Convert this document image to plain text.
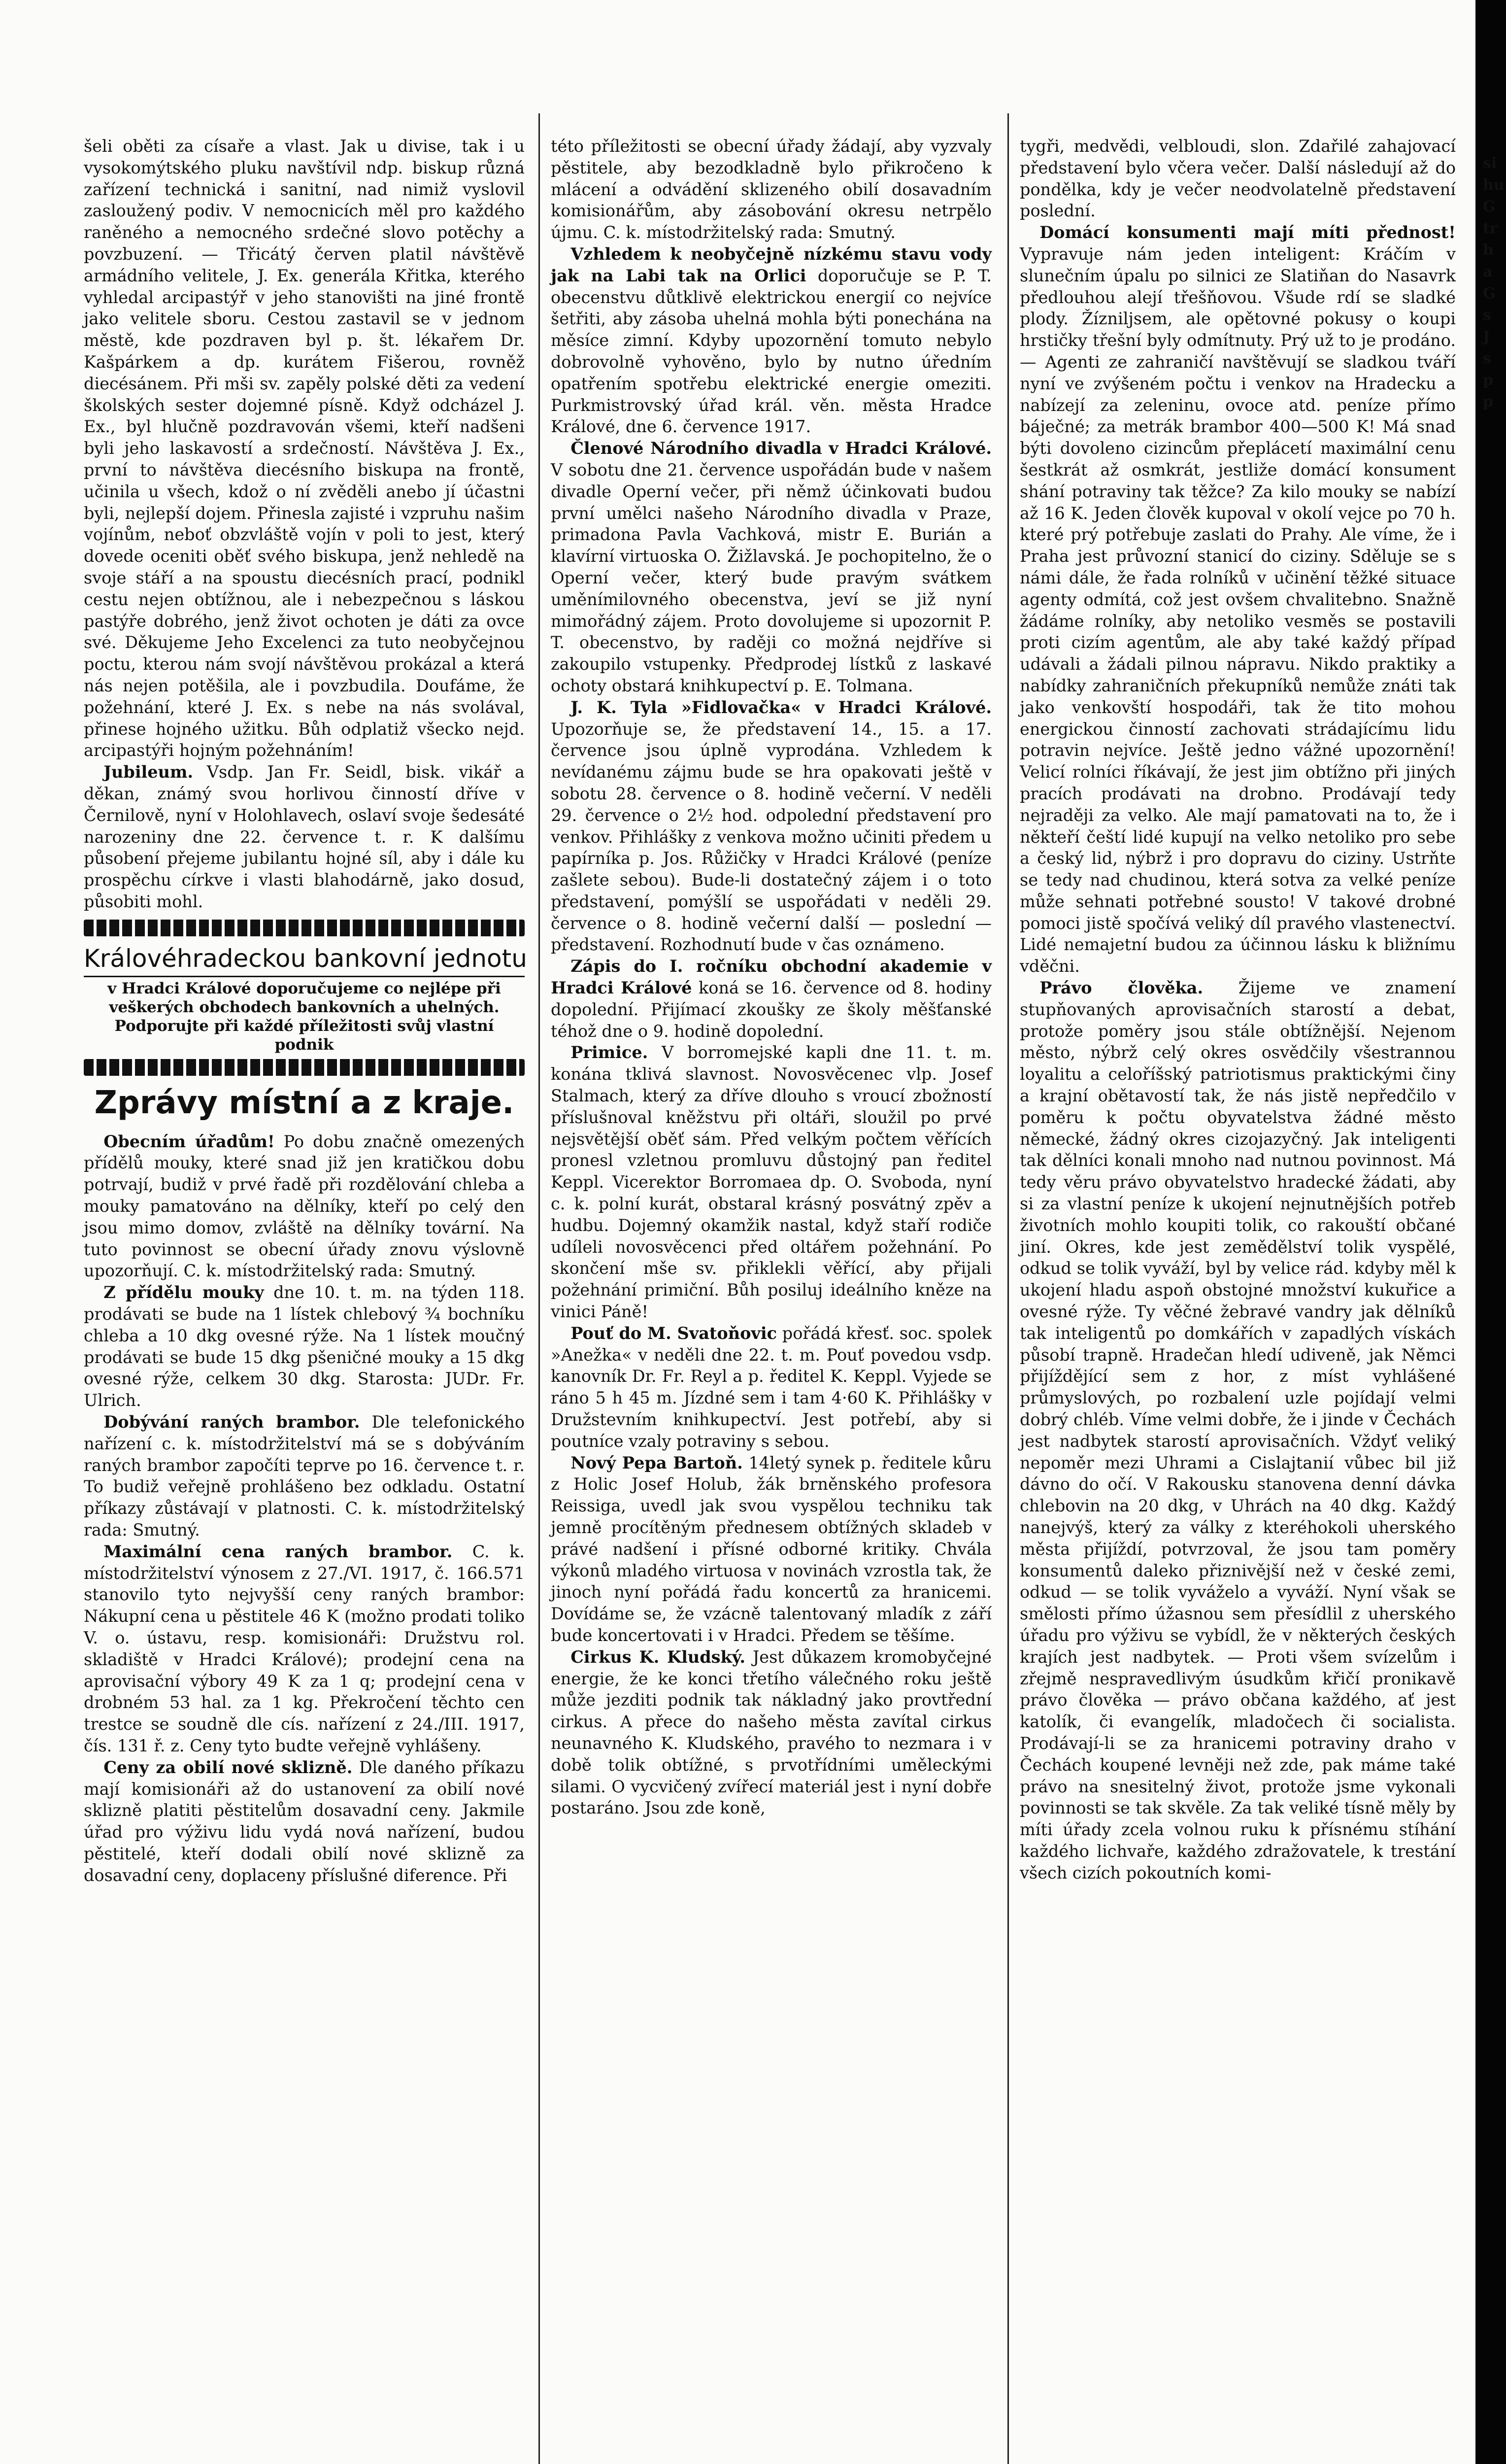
si
hu
G
tr
h
a
G
s
J
s
p
p

šeli oběti za císaře a vlast. Jak u divise, tak i u vysokomýtského pluku navštívil ndp. biskup různá zařízení technická i sanitní, nad nimiž vyslovil zasloužený podiv. V nemocnicích měl pro každého raněného a nemocného srdečné slovo potěchy a povzbuzení. — Třicátý červen platil návštěvě armádního velitele, J. Ex. generála Křitka, kterého vyhledal arcipastýř v jeho stanovišti na jiné frontě jako velitele sboru. Cestou zastavil se v jednom městě, kde pozdraven byl p. št. lékařem Dr. Kašpárkem a dp. kurátem Fišerou, rovněž diecésánem. Při mši sv. zapěly polské děti za vedení školských sester dojemné písně. Když odcházel J. Ex., byl hlučně pozdravován všemi, kteří nadšeni byli jeho laskavostí a srdečností. Návštěva J. Ex., první to návštěva diecésního biskupa na frontě, učinila u všech, kdož o ní zvěděli anebo jí účastni byli, nejlepší dojem. Přinesla zajisté i vzpruhu našim vojínům, neboť obzvláště vojín v poli to jest, který dovede oceniti oběť svého biskupa, jenž nehledě na svoje stáří a na spoustu diecésních prací, podnikl cestu nejen obtížnou, ale i nebezpečnou s láskou pastýře dobrého, jenž život ochoten je dáti za ovce své. Děkujeme Jeho Excelenci za tuto neobyčejnou poctu, kterou nám svojí návštěvou prokázal a která nás nejen potěšila, ale i povzbudila. Doufáme, že požehnání, které J. Ex. s nebe na nás svolával, přinese hojného užitku. Bůh odplatiž všecko nejd. arcipastýři hojným požehnáním!

Jubileum. Vsdp. Jan Fr. Seidl, bisk. vikář a děkan, známý svou horlivou činností dříve v Černilově, nyní v Holohlavech, oslaví svoje šedesáté narozeniny dne 22. července t. r. K dalšímu působení přejeme jubilantu hojné síl, aby i dále ku prospěchu církve i vlasti blahodárně, jako dosud, působiti mohl.

Královéhradeckou bankovní jednotu
v Hradci Králové doporučujeme co nejlépe při veškerých obchodech bankovních a uhelných. Podporujte při každé příležitosti svůj vlastní podnik
Zprávy místní a z kraje.

Obecním úřadům! Po dobu značně omezených přídělů mouky, které snad již jen kratičkou dobu potrvají, budiž v prvé řadě při rozdělování chleba a mouky pamatováno na dělníky, kteří po celý den jsou mimo domov, zvláště na dělníky tovární. Na tuto povinnost se obecní úřady znovu výslovně upozorňují. C. k. místodržitelský rada: Smutný.

Z přídělu mouky dne 10. t. m. na týden 118. prodávati se bude na 1 lístek chlebový ¾ bochníku chleba a 10 dkg ovesné rýže. Na 1 lístek moučný prodávati se bude 15 dkg pšeničné mouky a 15 dkg ovesné rýže, celkem 30 dkg. Starosta: JUDr. Fr. Ulrich.

Dobývání raných brambor. Dle telefonického nařízení c. k. místodržitelství má se s dobýváním raných brambor započíti teprve po 16. července t. r. To budiž veřejně prohlášeno bez odkladu. Ostatní příkazy zůstávají v platnosti. C. k. místodržitelský rada: Smutný.

Maximální cena raných brambor. C. k. místodržitelství výnosem z 27./VI. 1917, č. 166.571 stanovilo tyto nejvyšší ceny raných brambor: Nákupní cena u pěstitele 46 K (možno prodati toliko V. o. ústavu, resp. komisionáři: Družstvu rol. skladiště v Hradci Králové); prodejní cena na aprovisační výbory 49 K za 1 q; prodejní cena v drobném 53 hal. za 1 kg. Překročení těchto cen trestce se soudně dle cís. nařízení z 24./III. 1917, čís. 131 ř. z. Ceny tyto budte veřejně vyhlášeny.

Ceny za obilí nové sklizně. Dle daného příkazu mají komisionáři až do ustanovení za obilí nové sklizně platiti pěstitelům dosavadní ceny. Jakmile úřad pro výživu lidu vydá nová nařízení, budou pěstitelé, kteří dodali obilí nové sklizně za dosavadní ceny, doplaceny příslušné diference. Při

této příležitosti se obecní úřady žádají, aby vyzvaly pěstitele, aby bezodkladně bylo přikročeno k mlácení a odvádění sklizeného obilí dosavadním komisionářům, aby zásobování okresu netrpělo újmu. C. k. místodržitelský rada: Smutný.

Vzhledem k neobyčejně nízkému stavu vody jak na Labi tak na Orlici doporučuje se P. T. obecenstvu důtklivě elektrickou energií co nejvíce šetřiti, aby zásoba uhelná mohla býti ponechána na měsíce zimní. Kdyby upozornění tomuto nebylo dobrovolně vyhověno, bylo by nutno úředním opatřením spotřebu elektrické energie omeziti. Purkmistrovský úřad král. věn. města Hradce Králové, dne 6. července 1917.

Členové Národního divadla v Hradci Králové. V sobotu dne 21. července uspořádán bude v našem divadle Operní večer, při němž účinkovati budou první umělci našeho Národního divadla v Praze, primadona Pavla Vachková, mistr E. Burián a klavírní virtuoska O. Žižlavská. Je pochopitelno, že o Operní večer, který bude pravým svátkem uměnímilovného obecenstva, jeví se již nyní mimořádný zájem. Proto dovolujeme si upozornit P. T. obecenstvo, by raději co možná nejdříve si zakoupilo vstupenky. Předprodej lístků z laskavé ochoty obstará knihkupectví p. E. Tolmana.

J. K. Tyla »Fidlovačka« v Hradci Králové. Upozorňuje se, že představení 14., 15. a 17. července jsou úplně vyprodána. Vzhledem k nevídanému zájmu bude se hra opakovati ještě v sobotu 28. července o 8. hodině večerní. V neděli 29. července o 2½ hod. odpolední představení pro venkov. Přihlášky z venkova možno učiniti předem u papírníka p. Jos. Růžičky v Hradci Králové (peníze zašlete sebou). Bude-li dostatečný zájem i o toto představení, pomýšlí se uspořádati v neděli 29. července o 8. hodině večerní další — poslední — představení. Rozhodnutí bude v čas oznámeno.

Zápis do I. ročníku obchodní akademie v Hradci Králové koná se 16. července od 8. hodiny dopolední. Přijímací zkoušky ze školy měšťanské téhož dne o 9. hodině dopolední.

Primice. V borromejské kapli dne 11. t. m. konána tklivá slavnost. Novosvěcenec vlp. Josef Stalmach, který za dříve dlouho s vroucí zbožností příslušnoval kněžstvu při oltáři, sloužil po prvé nejsvětější oběť sám. Před velkým počtem věřících pronesl vzletnou promluvu důstojný pan ředitel Keppl. Vicerektor Borromaea dp. O. Svoboda, nyní c. k. polní kurát, obstaral krásný posvátný zpěv a hudbu. Dojemný okamžik nastal, když staří rodiče udíleli novosvěcenci před oltářem požehnání. Po skončení mše sv. přiklekli věřící, aby přijali požehnání primiční. Bůh posiluj ideálního kněze na vinici Páně!

Pouť do M. Svatoňovic pořádá křesť. soc. spolek »Anežka« v neděli dne 22. t. m. Pouť povedou vsdp. kanovník Dr. Fr. Reyl a p. ředitel K. Keppl. Vyjede se ráno 5 h 45 m. Jízdné sem i tam 4·60 K. Přihlášky v Družstevním knihkupectví. Jest potřebí, aby si poutníce vzaly potraviny s sebou.

Nový Pepa Bartoň. 14letý synek p. ředitele kůru z Holic Josef Holub, žák brněnského profesora Reissiga, uvedl jak svou vyspělou techniku tak jemně procítěným přednesem obtížných skladeb v právé nadšení i přísné odborné kritiky. Chvála výkonů mladého virtuosa v novinách vzrostla tak, že jinoch nyní pořádá řadu koncertů za hranicemi. Dovídáme se, že vzácně talentovaný mladík z září bude koncertovati i v Hradci. Předem se těšíme.

Cirkus K. Kludský. Jest důkazem kromobyčejné energie, že ke konci třetího válečného roku ještě může jezditi podnik tak nákladný jako provtřední cirkus. A přece do našeho města zavítal cirkus neunavného K. Kludského, pravého to nezmara i v době tolik obtížné, s prvotřídními uměleckými silami. O vycvičený zvířecí materiál jest i nyní dobře postaráno. Jsou zde koně,

tygři, medvědi, velbloudi, slon. Zdařilé zahajovací představení bylo včera večer. Další následují až do pondělka, kdy je večer neodvolatelně představení poslední.

Domácí konsumenti mají míti přednost! Vypravuje nám jeden inteligent: Kráčím v slunečním úpalu po silnici ze Slatiňan do Nasavrk předlouhou alejí třešňovou. Všude rdí se sladké plody. Žízniljsem, ale opětovné pokusy o koupi hrstičky třešní byly odmítnuty. Prý už to je prodáno. — Agenti ze zahraničí navštěvují se sladkou tváří nyní ve zvýšeném počtu i venkov na Hradecku a nabízejí za zeleninu, ovoce atd. peníze přímo báječné; za metrák brambor 400—500 K! Má snad býti dovoleno cizincům přeplácetí maximální cenu šestkrát až osmkrát, jestliže domácí konsument shání potraviny tak těžce? Za kilo mouky se nabízí až 16 K. Jeden člověk kupoval v okolí vejce po 70 h. které prý potřebuje zaslati do Prahy. Ale víme, že i Praha jest průvozní stanicí do ciziny. Sděluje se s námi dále, že řada rolníků v učinění těžké situace agenty odmítá, což jest ovšem chvalitebno. Snažně žádáme rolníky, aby netoliko vesměs se postavili proti cizím agentům, ale aby také každý případ udávali a žádali pilnou nápravu. Nikdo praktiky a nabídky zahraničních překupníků nemůže znáti tak jako venkovští hospodáři, tak že tito mohou energickou činností zachovati strádajícímu lidu potravin nejvíce. Ještě jedno vážné upozornění! Velicí rolníci říkávají, že jest jim obtížno při jiných pracích prodávati na drobno. Prodávají tedy nejraději za velko. Ale mají pamatovati na to, že i někteří čeští lidé kupují na velko netoliko pro sebe a český lid, nýbrž i pro dopravu do ciziny. Ustrňte se tedy nad chudinou, která sotva za velké peníze může sehnati potřebné sousto! V takové drobné pomoci jistě spočívá veliký díl pravého vlastenectví. Lidé nemajetní budou za účinnou lásku k bližnímu vděčni.

Právo člověka. Žijeme ve znamení stupňovaných aprovisačních starostí a debat, protože poměry jsou stále obtížnější. Nejenom město, nýbrž celý okres osvědčily všestrannou loyalitu a celoříšský patriotismus praktickými činy a krajní obětavostí tak, že nás jistě nepředčilo v poměru k počtu obyvatelstva žádné město německé, žádný okres cizojazyčný. Jak inteligenti tak dělníci konali mnoho nad nutnou povinnost. Má tedy věru právo obyvatelstvo hradecké žádati, aby si za vlastní peníze k ukojení nejnutnějších potřeb životních mohlo koupiti tolik, co rakouští občané jiní. Okres, kde jest zemědělství tolik vyspělé, odkud se tolik vyváží, byl by velice rád. kdyby měl k ukojení hladu aspoň obstojné množství kukuřice a ovesné rýže. Ty věčné žebravé vandry jak dělníků tak inteligentů po domkářích v zapadlých vískách působí trapně. Hradečan hledí udiveně, jak Němci přijíždějící sem z hor, z míst vyhlášené průmyslových, po rozbalení uzle pojídají velmi dobrý chléb. Víme velmi dobře, že i jinde v Čechách jest nadbytek starostí aprovisačních. Vždyť veliký nepoměr mezi Uhrami a Cislajtanií vůbec bil již dávno do očí. V Rakousku stanovena denní dávka chlebovin na 20 dkg, v Uhrách na 40 dkg. Každý nanejvýš, který za války z kteréhokoli uherského města přijíždí, potvrzoval, že jsou tam poměry konsumentů daleko přiznivější než v české zemi, odkud — se tolik vyváželo a vyváží. Nyní však se smělosti přímo úžasnou sem přesídlil z uherského úřadu pro výživu se vybídl, že v některých českých krajích jest nadbytek. — Proti všem svízelům i zřejmě nespravedlivým úsudkům křičí pronikavě právo člověka — právo občana každého, ať jest katolík, či evangelík, mladočech či socialista. Prodávají-li se za hranicemi potraviny draho v Čechách koupené levněji než zde, pak máme také právo na snesitelný život, protože jsme vykonali povinnosti se tak skvěle. Za tak veliké tísně měly by míti úřady zcela volnou ruku k přísnému stíhání každého lichvaře, každého zdražovatele, k trestání všech cizích pokoutních komi-
